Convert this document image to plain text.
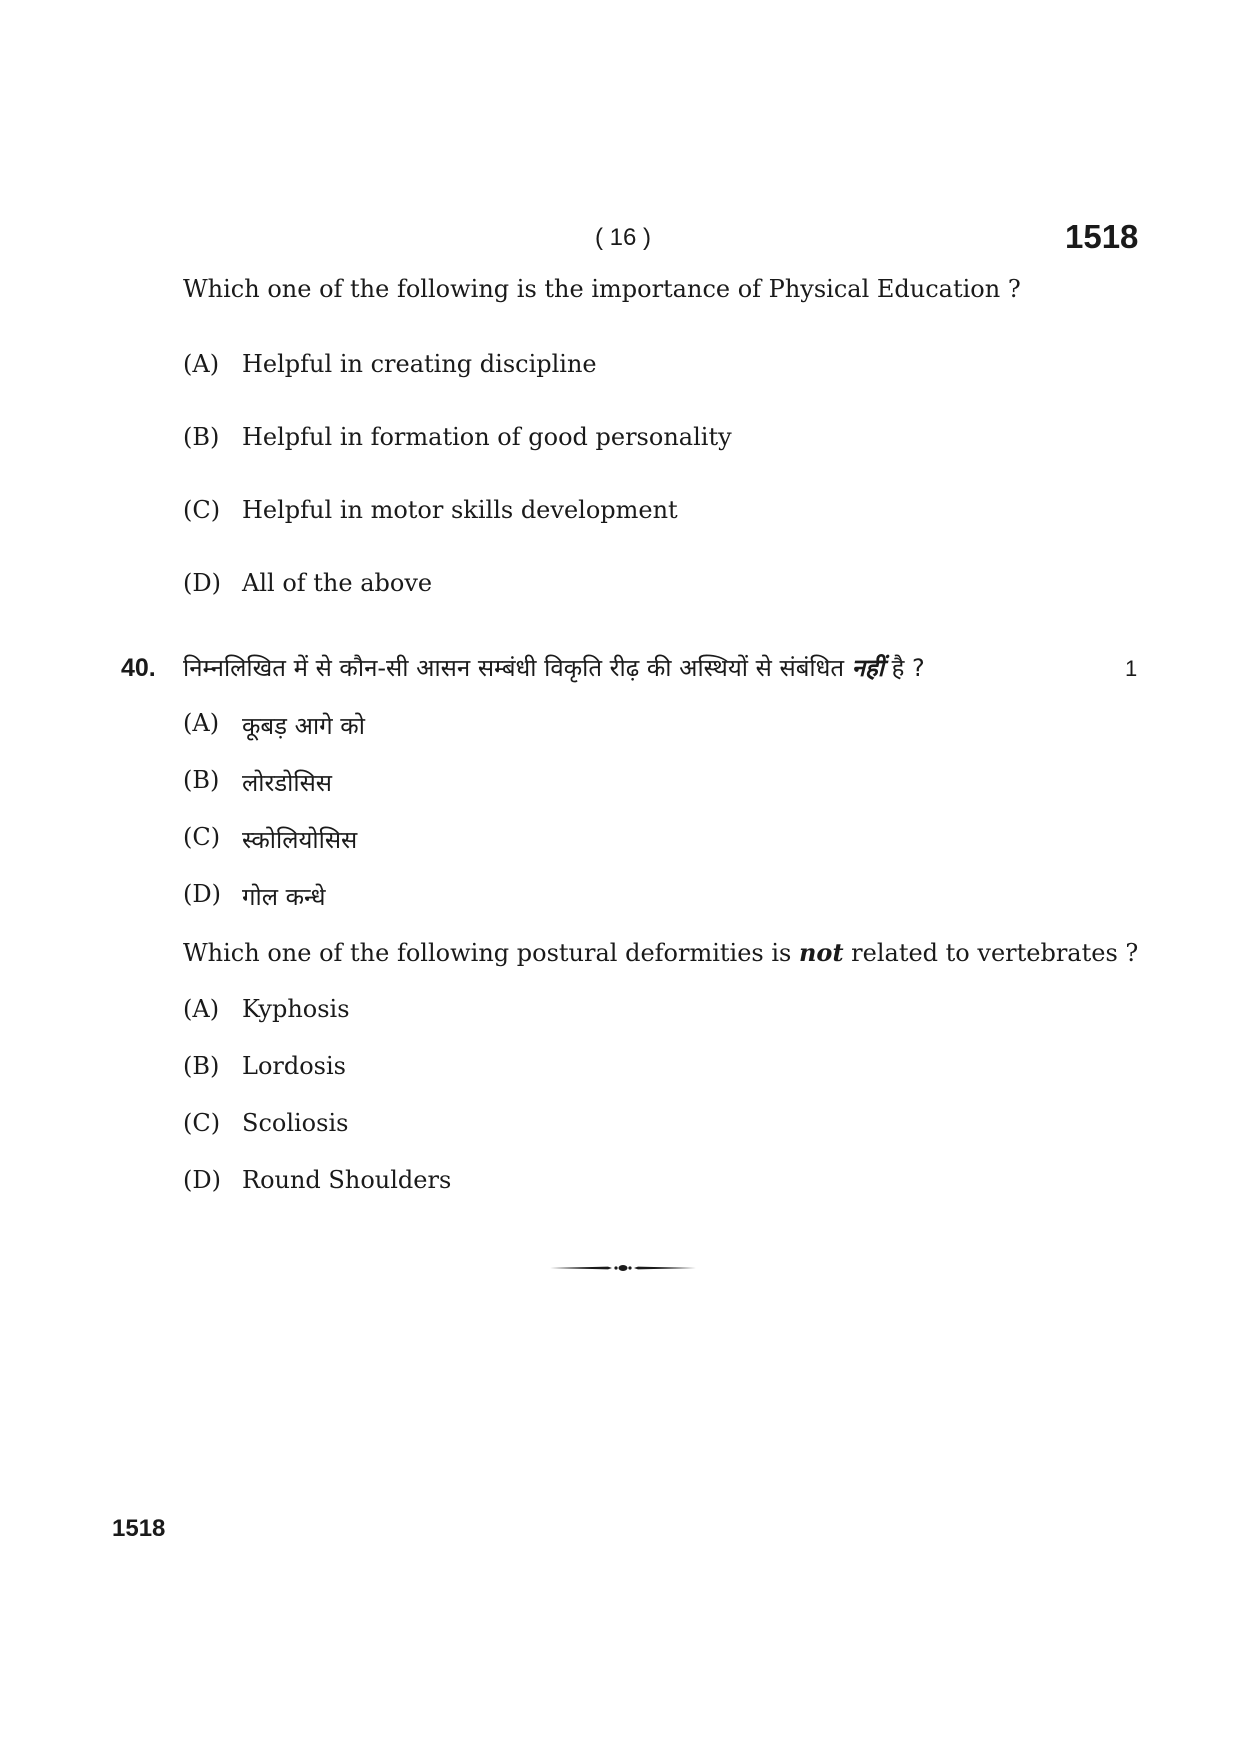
( 16 )	1518
Which one of the following is the importance of Physical Education ?
(A) Helpful in creating discipline
(B) Helpful in formation of good personality
(C) Helpful in motor skills development
(D) All of the above
40. निम्नलिखित में से कौन-सी आसन सम्बंधी विकृति रीढ़ की अस्थियों से संबंधित नहीं है ?	1
(A) कूबड़ आगे को
(B) लोरडोसिस
(C) स्कोलियोसिस
(D) गोल कन्धे
Which one of the following postural deformities is not related to vertebrates ?
(A) Kyphosis
(B) Lordosis
(C) Scoliosis
(D) Round Shoulders
1518
